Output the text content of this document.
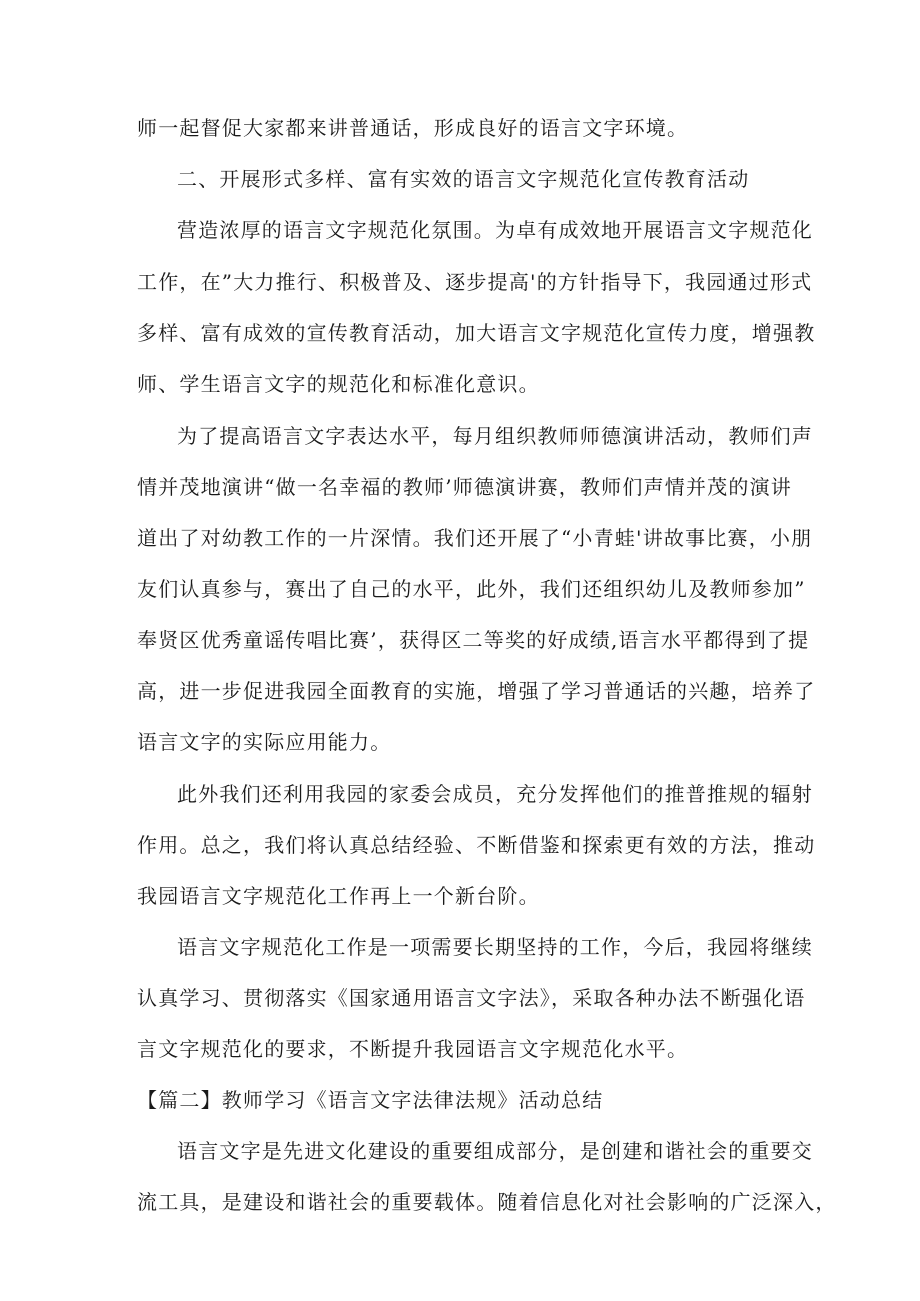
师一起督促大家都来讲普通话，形成良好的语言文字环境。
二、开展形式多样、富有实效的语言文字规范化宣传教育活动
营造浓厚的语言文字规范化氛围。为卓有成效地开展语言文字规范化
工作，在”大力推行、积极普及、逐步提高'的方针指导下，我园通过形式
多样、富有成效的宣传教育活动，加大语言文字规范化宣传力度，增强教
师、学生语言文字的规范化和标准化意识。
为了提高语言文字表达水平，每月组织教师师德演讲活动，教师们声
情并茂地演讲“做一名幸福的教师’师德演讲赛，教师们声情并茂的演讲
道出了对幼教工作的一片深情。我们还开展了“小青蛙'讲故事比赛，小朋
友们认真参与，赛出了自己的水平，此外，我们还组织幼儿及教师参加”
奉贤区优秀童谣传唱比赛’，获得区二等奖的好成绩,语言水平都得到了提
高，进一步促进我园全面教育的实施，增强了学习普通话的兴趣，培养了
语言文字的实际应用能力。
此外我们还利用我园的家委会成员，充分发挥他们的推普推规的辐射
作用。总之，我们将认真总结经验、不断借鉴和探索更有效的方法，推动
我园语言文字规范化工作再上一个新台阶。
语言文字规范化工作是一项需要长期坚持的工作，今后，我园将继续
认真学习、贯彻落实《国家通用语言文字法》，采取各种办法不断强化语
言文字规范化的要求，不断提升我园语言文字规范化水平。
【篇二】教师学习《语言文字法律法规》活动总结
语言文字是先进文化建设的重要组成部分，是创建和谐社会的重要交
流工具，是建设和谐社会的重要载体。随着信息化对社会影响的广泛深入，
